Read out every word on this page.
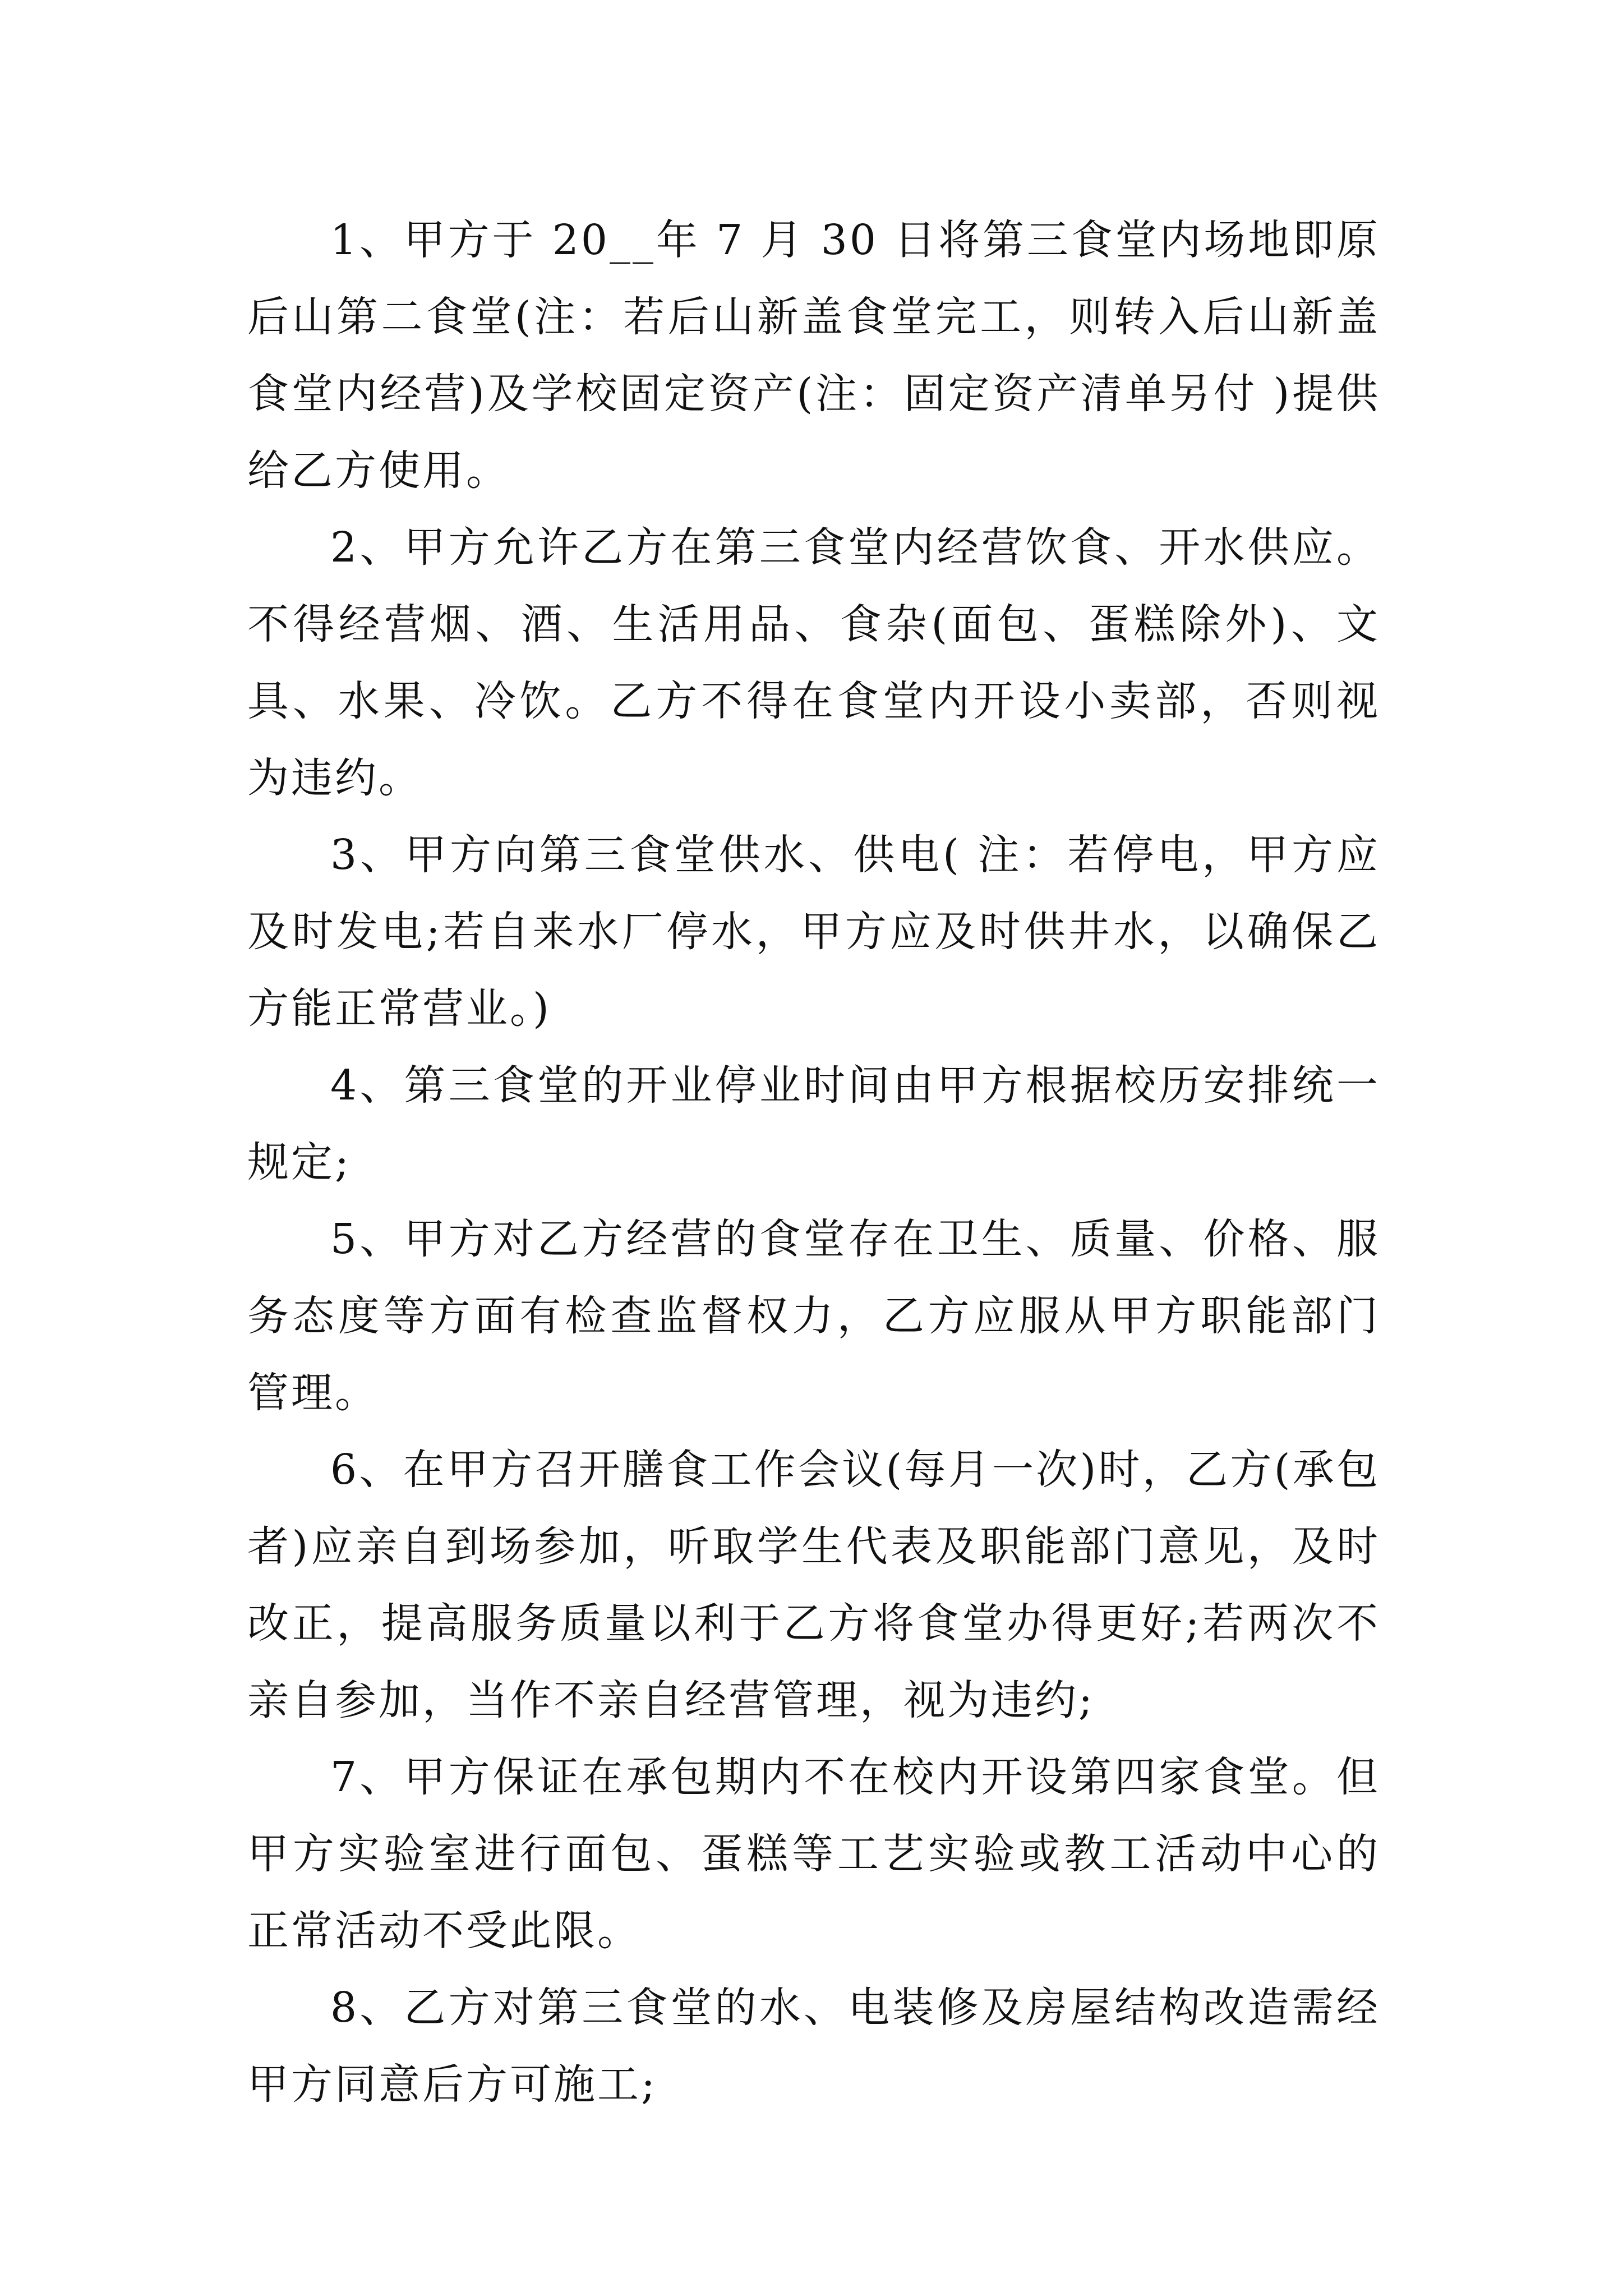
1、甲方于 20__年 7 月 30 日将第三食堂内场地即原后山第二食堂(注：若后山新盖食堂完工，则转入后山新盖食堂内经营)及学校固定资产(注：固定资产清单另付 )提供给乙方使用。

2、甲方允许乙方在第三食堂内经营饮食、开水供应。不得经营烟、酒、生活用品、食杂(面包、蛋糕除外)、文具、水果、冷饮。乙方不得在食堂内开设小卖部，否则视为违约。

3、甲方向第三食堂供水、供电( 注：若停电，甲方应及时发电;若自来水厂停水，甲方应及时供井水，以确保乙方能正常营业。)

4、第三食堂的开业停业时间由甲方根据校历安排统一规定;

5、甲方对乙方经营的食堂存在卫生、质量、价格、服务态度等方面有检查监督权力，乙方应服从甲方职能部门管理。

6、在甲方召开膳食工作会议(每月一次)时，乙方(承包者)应亲自到场参加，听取学生代表及职能部门意见，及时改正，提高服务质量以利于乙方将食堂办得更好;若两次不亲自参加，当作不亲自经营管理，视为违约;

7、甲方保证在承包期内不在校内开设第四家食堂。但甲方实验室进行面包、蛋糕等工艺实验或教工活动中心的正常活动不受此限。

8、乙方对第三食堂的水、电装修及房屋结构改造需经甲方同意后方可施工;
